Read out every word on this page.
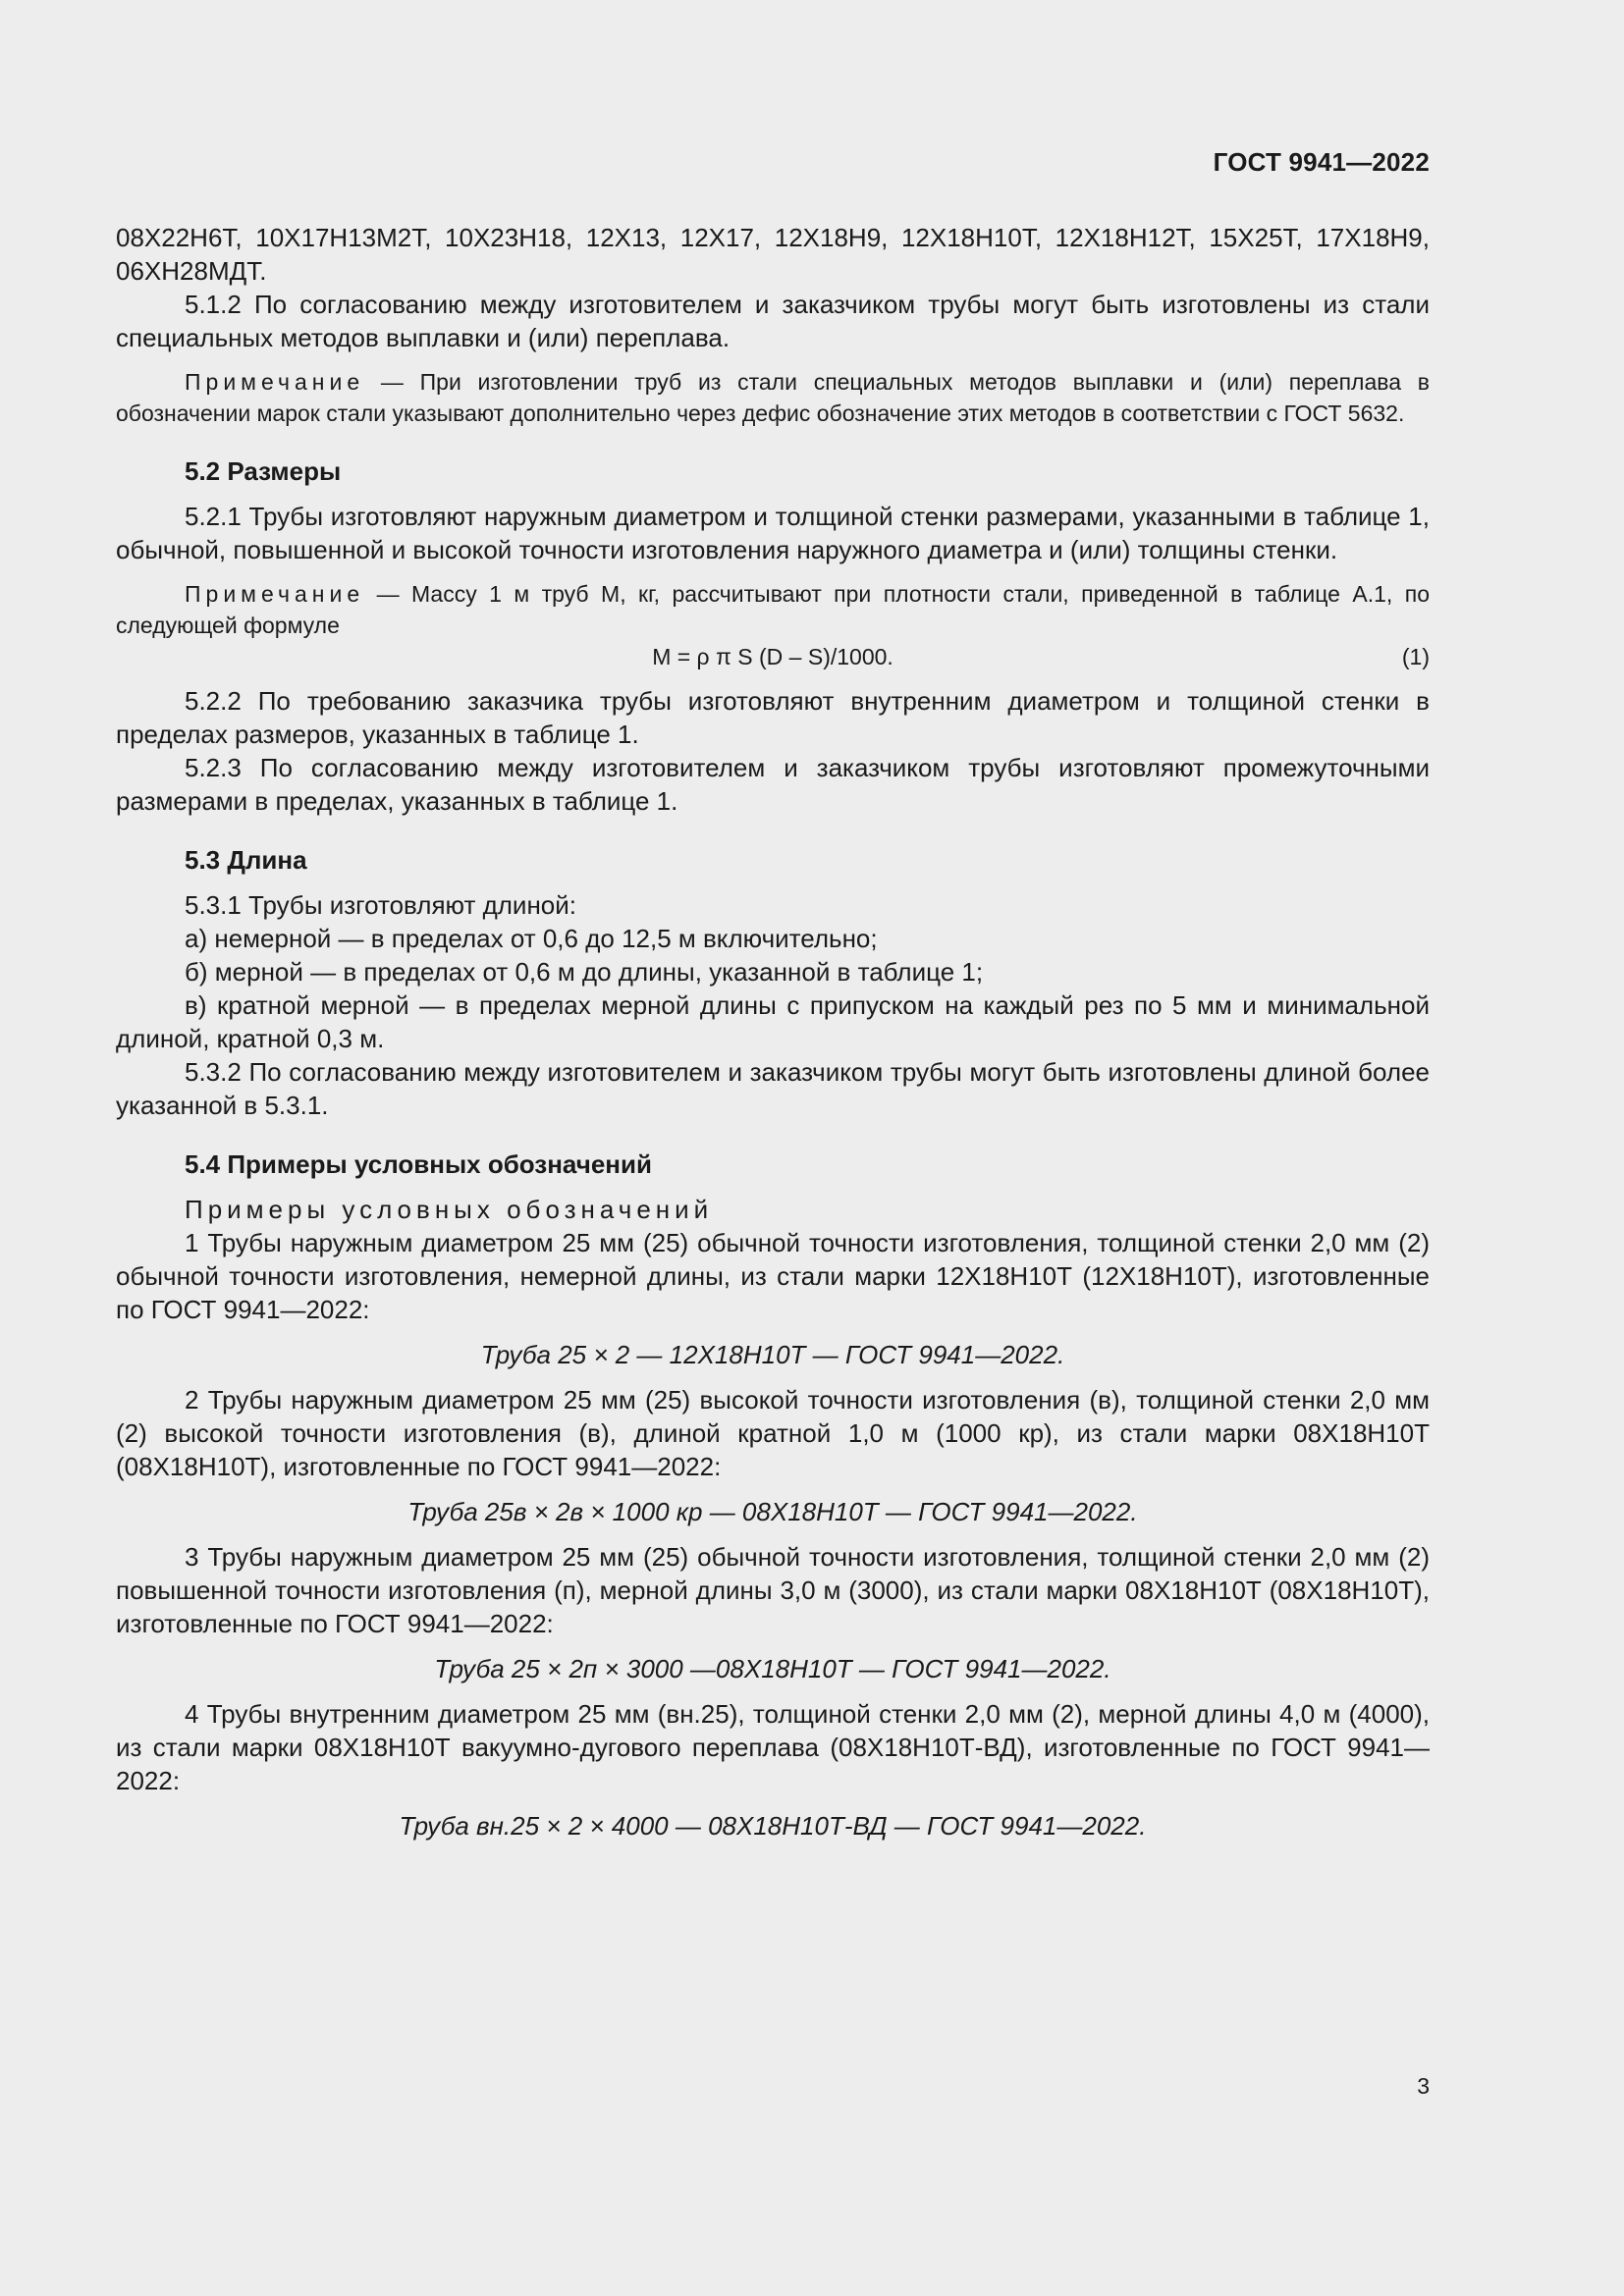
ГОСТ 9941—2022

08Х22Н6Т, 10Х17Н13М2Т, 10Х23Н18, 12Х13, 12Х17, 12Х18Н9, 12Х18Н10Т, 12Х18Н12Т, 15Х25Т, 17Х18Н9, 06ХН28МДТ.

5.1.2 По согласованию между изготовителем и заказчиком трубы могут быть изготовлены из стали специальных методов выплавки и (или) переплава.

Примечание — При изготовлении труб из стали специальных методов выплавки и (или) переплава в обозначении марок стали указывают дополнительно через дефис обозначение этих методов в соответствии с ГОСТ 5632.

5.2 Размеры

5.2.1 Трубы изготовляют наружным диаметром и толщиной стенки размерами, указанными в таблице 1, обычной, повышенной и высокой точности изготовления наружного диаметра и (или) толщины стенки.

Примечание — Массу 1 м труб M, кг, рассчитывают при плотности стали, приведенной в таблице А.1, по следующей формуле

M = ρ π S (D – S)/1000.	(1)

5.2.2 По требованию заказчика трубы изготовляют внутренним диаметром и толщиной стенки в пределах размеров, указанных в таблице 1.

5.2.3 По согласованию между изготовителем и заказчиком трубы изготовляют промежуточными размерами в пределах, указанных в таблице 1.

5.3 Длина

5.3.1 Трубы изготовляют длиной:

а) немерной — в пределах от 0,6 до 12,5 м включительно;

б) мерной — в пределах от 0,6 м до длины, указанной в таблице 1;

в) кратной мерной — в пределах мерной длины с припуском на каждый рез по 5 мм и минимальной длиной, кратной 0,3 м.

5.3.2 По согласованию между изготовителем и заказчиком трубы могут быть изготовлены длиной более указанной в 5.3.1.

5.4 Примеры условных обозначений

Примеры условных обозначений

1 Трубы наружным диаметром 25 мм (25) обычной точности изготовления, толщиной стенки 2,0 мм (2) обычной точности изготовления, немерной длины, из стали марки 12Х18Н10Т (12Х18Н10Т), изготовленные по ГОСТ 9941—2022:

Труба 25 × 2 — 12Х18Н10Т — ГОСТ 9941—2022.

2 Трубы наружным диаметром 25 мм (25) высокой точности изготовления (в), толщиной стенки 2,0 мм (2) высокой точности изготовления (в), длиной кратной 1,0 м (1000 кр), из стали марки 08Х18Н10Т (08Х18Н10Т), изготовленные по ГОСТ 9941—2022:

Труба 25в × 2в × 1000 кр — 08Х18Н10Т — ГОСТ 9941—2022.

3 Трубы наружным диаметром 25 мм (25) обычной точности изготовления, толщиной стенки 2,0 мм (2) повышенной точности изготовления (п), мерной длины 3,0 м (3000), из стали марки 08Х18Н10Т (08Х18Н10Т), изготовленные по ГОСТ 9941—2022:

Труба 25 × 2п × 3000 —08Х18Н10Т — ГОСТ 9941—2022.

4 Трубы внутренним диаметром 25 мм (вн.25), толщиной стенки 2,0 мм (2), мерной длины 4,0 м (4000), из стали марки 08Х18Н10Т вакуумно-дугового переплава (08Х18Н10Т-ВД), изготовленные по ГОСТ 9941—2022:

Труба вн.25 × 2 × 4000 — 08Х18Н10Т-ВД — ГОСТ 9941—2022.

3
